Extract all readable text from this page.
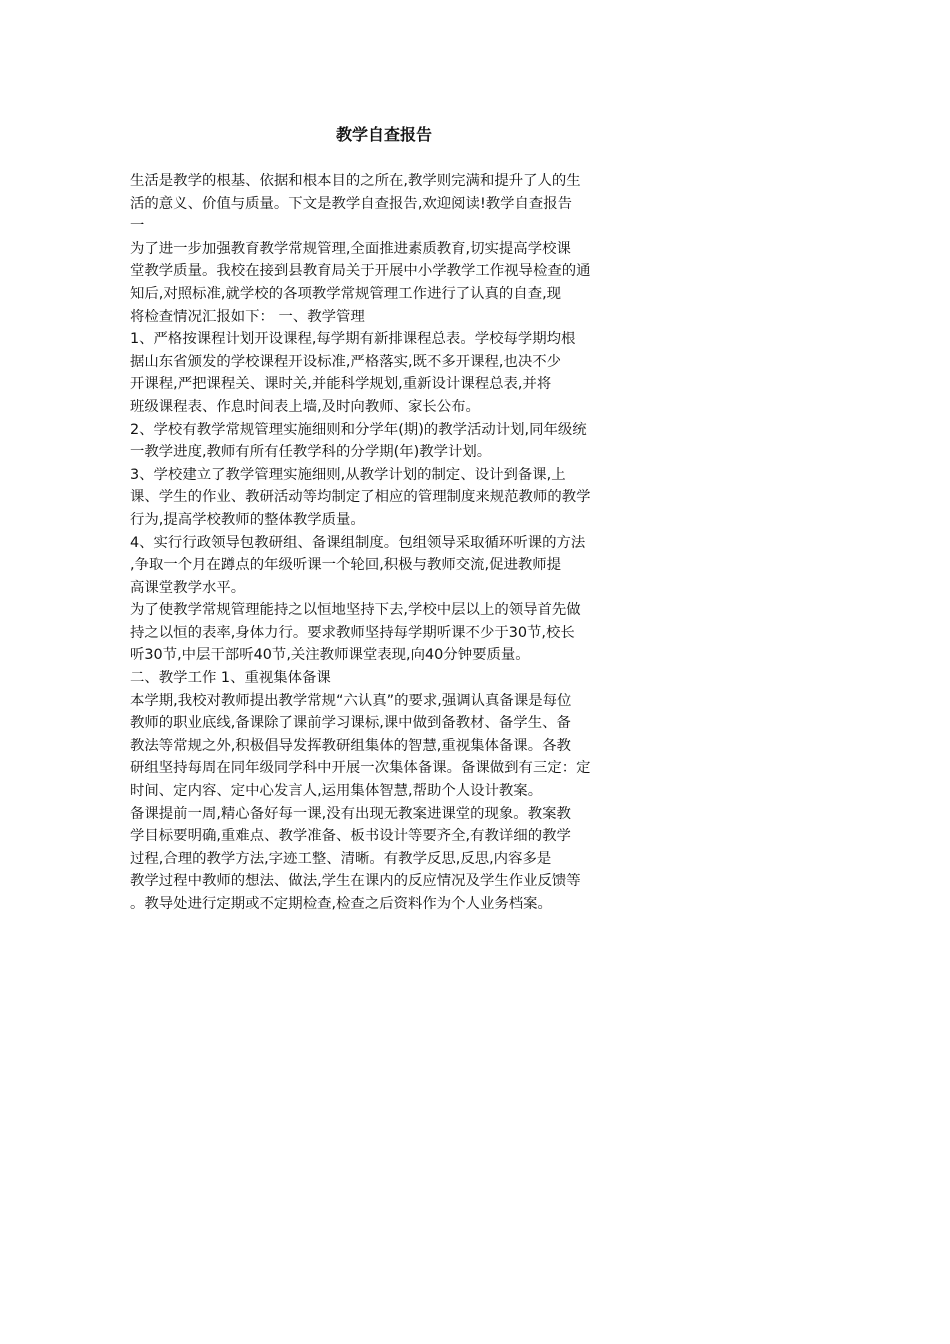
教学自查报告
生活是教学的根基、依据和根本目的之所在,教学则完满和提升了人的生
活的意义、价值与质量。下文是教学自查报告,欢迎阅读!教学自查报告
一
为了进一步加强教育教学常规管理,全面推进素质教育,切实提高学校课
堂教学质量。我校在接到县教育局关于开展中小学教学工作视导检查的通
知后,对照标准,就学校的各项教学常规管理工作进行了认真的自查,现
将检查情况汇报如下： 一、教学管理
1、严格按课程计划开设课程,每学期有新排课程总表。学校每学期均根
据山东省颁发的学校课程开设标准,严格落实,既不多开课程,也决不少
开课程,严把课程关、课时关,并能科学规划,重新设计课程总表,并将
班级课程表、作息时间表上墙,及时向教师、家长公布。
2、学校有教学常规管理实施细则和分学年(期)的教学活动计划,同年级统
一教学进度,教师有所有任教学科的分学期(年)教学计划。
3、学校建立了教学管理实施细则,从教学计划的制定、设计到备课,上
课、学生的作业、教研活动等均制定了相应的管理制度来规范教师的教学
行为,提高学校教师的整体教学质量。
4、实行行政领导包教研组、备课组制度。包组领导采取循环听课的方法
,争取一个月在蹲点的年级听课一个轮回,积极与教师交流,促进教师提
高课堂教学水平。
为了使教学常规管理能持之以恒地坚持下去,学校中层以上的领导首先做
持之以恒的表率,身体力行。要求教师坚持每学期听课不少于30节,校长
听30节,中层干部听40节,关注教师课堂表现,向40分钟要质量。
二、教学工作 1、重视集体备课
本学期,我校对教师提出教学常规“六认真”的要求,强调认真备课是每位
教师的职业底线,备课除了课前学习课标,课中做到备教材、备学生、备
教法等常规之外,积极倡导发挥教研组集体的智慧,重视集体备课。各教
研组坚持每周在同年级同学科中开展一次集体备课。备课做到有三定：定
时间、定内容、定中心发言人,运用集体智慧,帮助个人设计教案。
备课提前一周,精心备好每一课,没有出现无教案进课堂的现象。教案教
学目标要明确,重难点、教学准备、板书设计等要齐全,有教详细的教学
过程,合理的教学方法,字迹工整、清晰。有教学反思,反思,内容多是
教学过程中教师的想法、做法,学生在课内的反应情况及学生作业反馈等
。教导处进行定期或不定期检查,检查之后资料作为个人业务档案。
